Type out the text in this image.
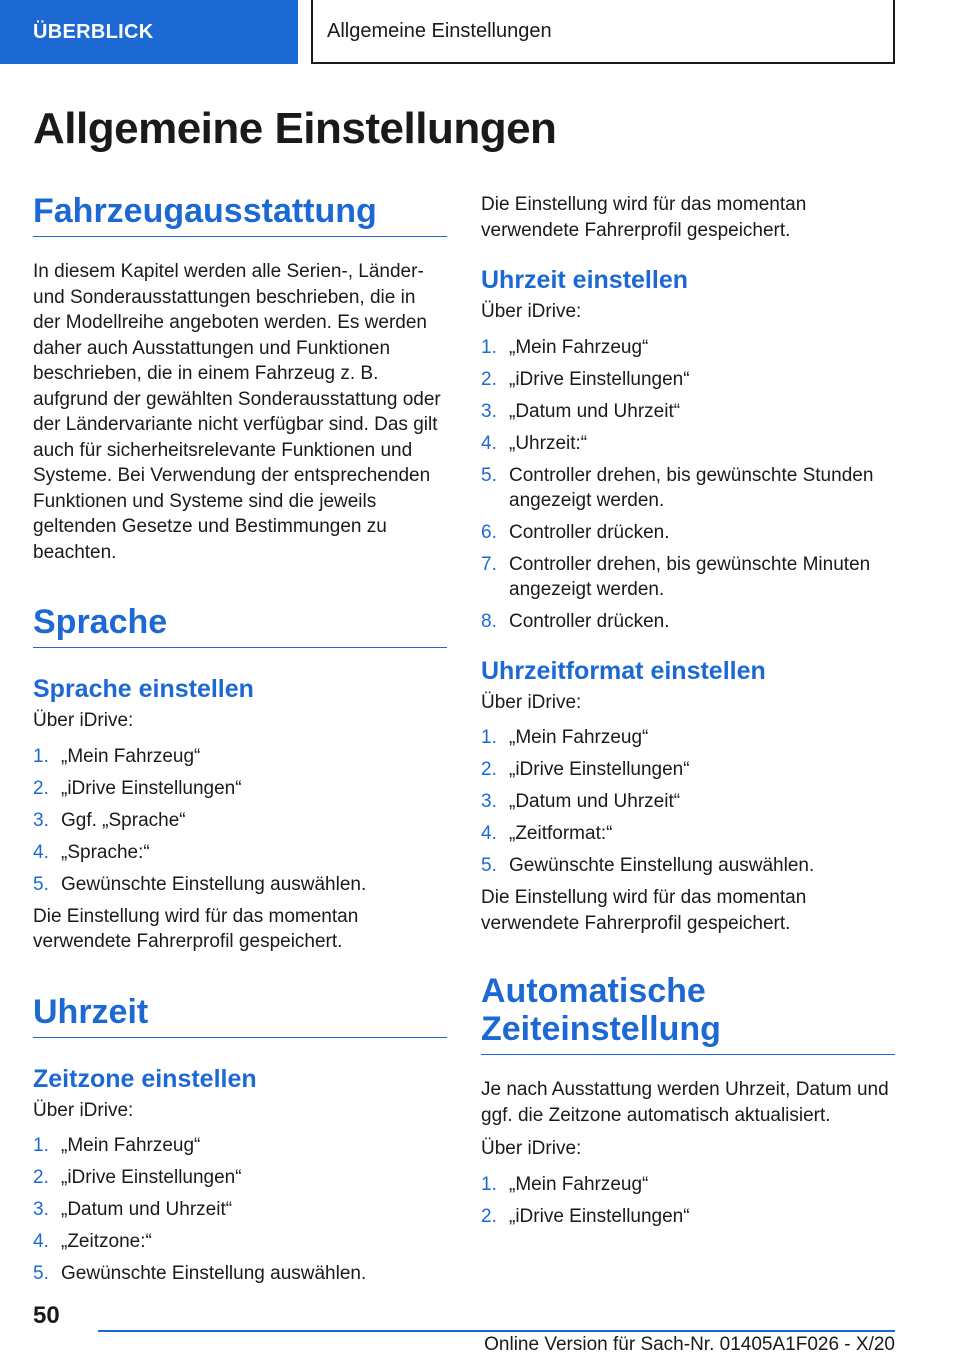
ÜBERBLICK	Allgemeine Einstellungen
Allgemeine Einstellungen
Fahrzeugausstattung

In diesem Kapitel werden alle Serien-, Länder- und Sonderausstattungen beschrieben, die in der Modellreihe angeboten werden. Es werden daher auch Ausstattungen und Funktionen beschrieben, die in einem Fahrzeug z. B. aufgrund der gewählten Sonderausstattung oder der Ländervariante nicht verfügbar sind. Das gilt auch für sicherheitsrelevante Funktionen und Systeme. Bei Verwendung der entsprechenden Funktionen und Systeme sind die jeweils geltenden Gesetze und Bestimmungen zu beachten.

Sprache
Sprache einstellen

Über iDrive:

1. „Mein Fahrzeug“
2. „iDrive Einstellungen“
3. Ggf. „Sprache“
4. „Sprache:“
5. Gewünschte Einstellung auswählen.

Die Einstellung wird für das momentan verwendete Fahrerprofil gespeichert.

Uhrzeit
Zeitzone einstellen

Über iDrive:

1. „Mein Fahrzeug“
2. „iDrive Einstellungen“
3. „Datum und Uhrzeit“
4. „Zeitzone:“
5. Gewünschte Einstellung auswählen.

Die Einstellung wird für das momentan verwendete Fahrerprofil gespeichert.

Uhrzeit einstellen

Über iDrive:

1. „Mein Fahrzeug“
2. „iDrive Einstellungen“
3. „Datum und Uhrzeit“
4. „Uhrzeit:“
5. Controller drehen, bis gewünschte Stunden angezeigt werden.
6. Controller drücken.
7. Controller drehen, bis gewünschte Minuten angezeigt werden.
8. Controller drücken.
Uhrzeitformat einstellen

Über iDrive:

1. „Mein Fahrzeug“
2. „iDrive Einstellungen“
3. „Datum und Uhrzeit“
4. „Zeitformat:“
5. Gewünschte Einstellung auswählen.

Die Einstellung wird für das momentan verwendete Fahrerprofil gespeichert.

Automatische
Zeiteinstellung

Je nach Ausstattung werden Uhrzeit, Datum und ggf. die Zeitzone automatisch aktualisiert.

Über iDrive:

1. „Mein Fahrzeug“
2. „iDrive Einstellungen“
50
Online Version für Sach-Nr. 01405A1F026 - X/20
